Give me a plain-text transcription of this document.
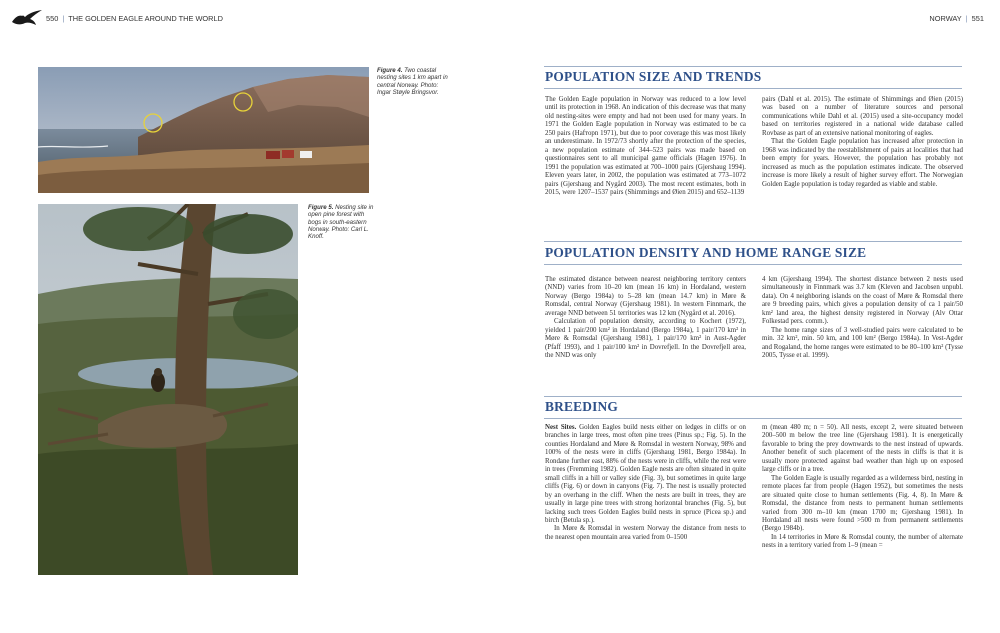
550 | THE GOLDEN EAGLE AROUND THE WORLD	NORWAY | 551
Figure 4. Two coastal nesting sites 1 km apart in central Norway. Photo: Ingar Støyle Bringsvor.
Figure 5. Nesting site in open pine forest with bogs in south-eastern Norway. Photo: Carl L. Knoff.
POPULATION SIZE AND TRENDS

The Golden Eagle population in Norway was reduced to a low level until its protection in 1968. An indication of this decrease was that many old nesting-sites were empty and had not been used for many years. In 1971 the Golden Eagle population in Norway was estimated to be ca 250 pairs (Hafторn 1971), but due to poor coverage this was most likely an underestimate. In 1972/73 shortly after the protection of the species, a new population estimate of 344–523 pairs was made based on questionnaires sent to all municipal game officials (Hagen 1976). In 1991 the population was estimated at 700–1000 pairs (Gjershaug 1994). Eleven years later, in 2002, the population was estimated at 773–1072 pairs (Gjershaug and Nygård 2003). The most recent estimates, both in 2015, were 1207–1537 pairs (Shimmings and Øien 2015) and 652–1139

pairs (Dahl et al. 2015). The estimate of Shimmings and Øien (2015) was based on a number of literature sources and personal communications while Dahl et al. (2015) used a site-occupancy model based on territories registered in a national wide database called Rovbase as part of an extensive national monitoring of eagles.

That the Golden Eagle population has increased after protection in 1968 was indicated by the reestablishment of pairs at localities that had been empty for years. However, the population has probably not increased as much as the population estimates indicate. The observed increase is more likely a result of higher survey effort. The Norwegian Golden Eagle population is today regarded as viable and stable.

POPULATION DENSITY AND HOME RANGE SIZE

The estimated distance between nearest neighboring territory centers (NND) varies from 10–20 km (mean 16 km) in Hordaland, western Norway (Bergo 1984a) to 5–28 km (mean 14.7 km) in Møre & Romsdal, central Norway (Gjershaug 1981). In western Finnmark, the average NND between 51 territories was 12 km (Nygård et al. 2016).

Calculation of population density, according to Kochert (1972), yielded 1 pair/200 km² in Hordaland (Bergo 1984a), 1 pair/170 km² in Møre & Romsdal (Gjershaug 1981), 1 pair/170 km² in Aust-Agder (Pfaff 1993), and 1 pair/100 km² in Dovrefjell. In the Dovrefjell area, the NND was only

4 km (Gjershaug 1994). The shortest distance between 2 nests used simultaneously in Finnmark was 3.7 km (Kleven and Jacobsen unpubl. data). On 4 neighboring islands on the coast of Møre & Romsdal there are 9 breeding pairs, which gives a population density of ca 1 pair/50 km² land area, the highest density registered in Norway (Alv Ottar Folkestad pers. comm.).

The home range sizes of 3 well-studied pairs were calculated to be min. 32 km², min. 50 km, and 100 km² (Bergo 1984a). In Vest-Agder and Rogaland, the home ranges were estimated to be 80–100 km² (Tysse 2005, Tysse et al. 1999).

BREEDING

Nest Sites. Golden Eagles build nests either on ledges in cliffs or on branches in large trees, most often pine trees (Pinus sp.; Fig. 5). In the counties Hordaland and Møre & Romsdal in western Norway, 98% and 100% of the nests were in cliffs (Gjershaug 1981, Bergo 1984a). In Rondane further east, 88% of the nests were in cliffs, while the rest were in trees (Fremming 1982). Golden Eagle nests are often situated in quite small cliffs in a hill or valley side (Fig. 3), but sometimes in quite large cliffs (Fig. 6) or down in canyons (Fig. 7). The nest is usually protected by an overhang in the cliff. When the nests are built in trees, they are usually in large pine trees with strong horizontal branches (Fig. 5), but lacking such trees Golden Eagles build nests in spruce (Picea sp.) and birch (Betula sp.).

In Møre & Romsdal in western Norway the distance from nests to the nearest open mountain area varied from 0–1500

m (mean 480 m; n = 50). All nests, except 2, were situated between 200–500 m below the tree line (Gjershaug 1981). It is energetically favorable to bring the prey downwards to the nest instead of upwards. Another benefit of such placement of the nests in cliffs is that it is usually more protected against bad weather than high up on exposed large cliffs or in a tree.

The Golden Eagle is usually regarded as a wilderness bird, nesting in remote places far from people (Hagen 1952), but sometimes the nests are situated quite close to human settlements (Fig. 4, 8). In Møre & Romsdal, the distance from nests to permanent human settlements varied from 300 m–10 km (mean 1700 m; Gjershaug 1981). In Hordaland all nests were found >500 m from permanent settlements (Bergo 1984b).

In 14 territories in Møre & Romsdal county, the number of alternate nests in a territory varied from 1–9 (mean =
